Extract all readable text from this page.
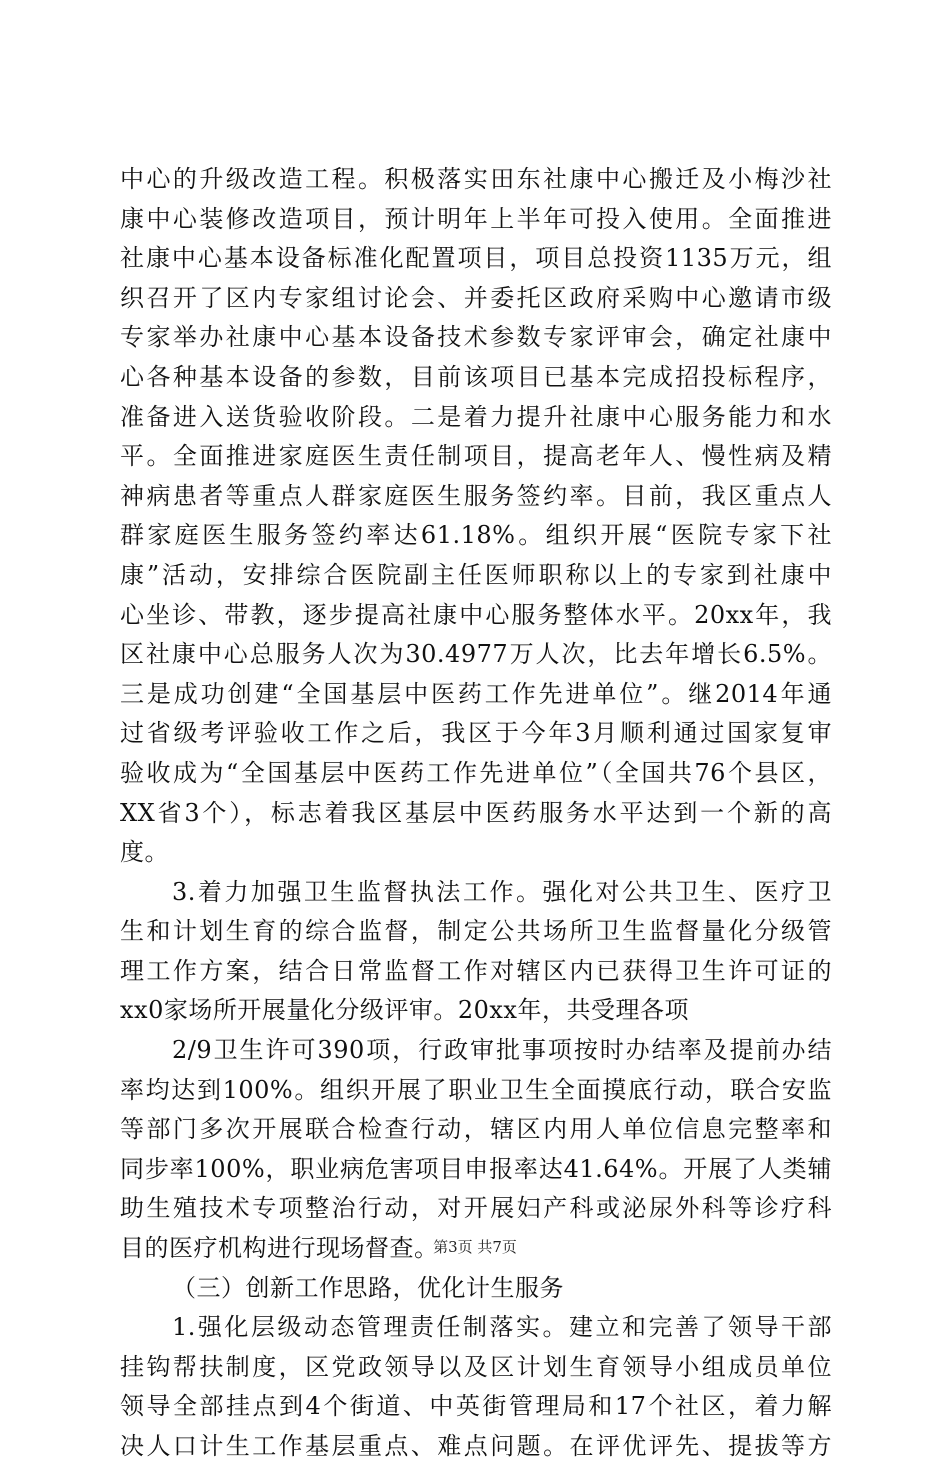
中心的升级改造工程。积极落实田东社康中心搬迁及小梅沙社
康中心装修改造项目，预计明年上半年可投入使用。全面推进
社康中心基本设备标准化配置项目，项目总投资1135万元，组
织召开了区内专家组讨论会、并委托区政府采购中心邀请市级
专家举办社康中心基本设备技术参数专家评审会，确定社康中
心各种基本设备的参数，目前该项目已基本完成招投标程序，
准备进入送货验收阶段。二是着力提升社康中心服务能力和水
平。全面推进家庭医生责任制项目，提高老年人、慢性病及精
神病患者等重点人群家庭医生服务签约率。目前，我区重点人
群家庭医生服务签约率达61.18%。组织开展“医院专家下社
康”活动，安排综合医院副主任医师职称以上的专家到社康中
心坐诊、带教，逐步提高社康中心服务整体水平。20xx年，我
区社康中心总服务人次为30.4977万人次，比去年增长6.5%。
三是成功创建“全国基层中医药工作先进单位”。继2014年通
过省级考评验收工作之后，我区于今年3月顺利通过国家复审
验收成为“全国基层中医药工作先进单位”（全国共76个县区，
XX省3个），标志着我区基层中医药服务水平达到一个新的高
度。
3.着力加强卫生监督执法工作。强化对公共卫生、医疗卫
生和计划生育的综合监督，制定公共场所卫生监督量化分级管
理工作方案，结合日常监督工作对辖区内已获得卫生许可证的
xx0家场所开展量化分级评审。20xx年，共受理各项
2/9卫生许可390项，行政审批事项按时办结率及提前办结
率均达到100%。组织开展了职业卫生全面摸底行动，联合安监
等部门多次开展联合检查行动，辖区内用人单位信息完整率和
同步率100%，职业病危害项目申报率达41.64%。开展了人类辅
助生殖技术专项整治行动，对开展妇产科或泌尿外科等诊疗科
目的医疗机构进行现场督查。
（三）创新工作思路，优化计生服务
1.强化层级动态管理责任制落实。建立和完善了领导干部
挂钩帮扶制度，区党政领导以及区计划生育领导小组成员单位
领导全部挂点到4个街道、中英街管理局和17个社区，着力解
决人口计生工作基层重点、难点问题。在评优评先、提拔等方
第3页 共7页
